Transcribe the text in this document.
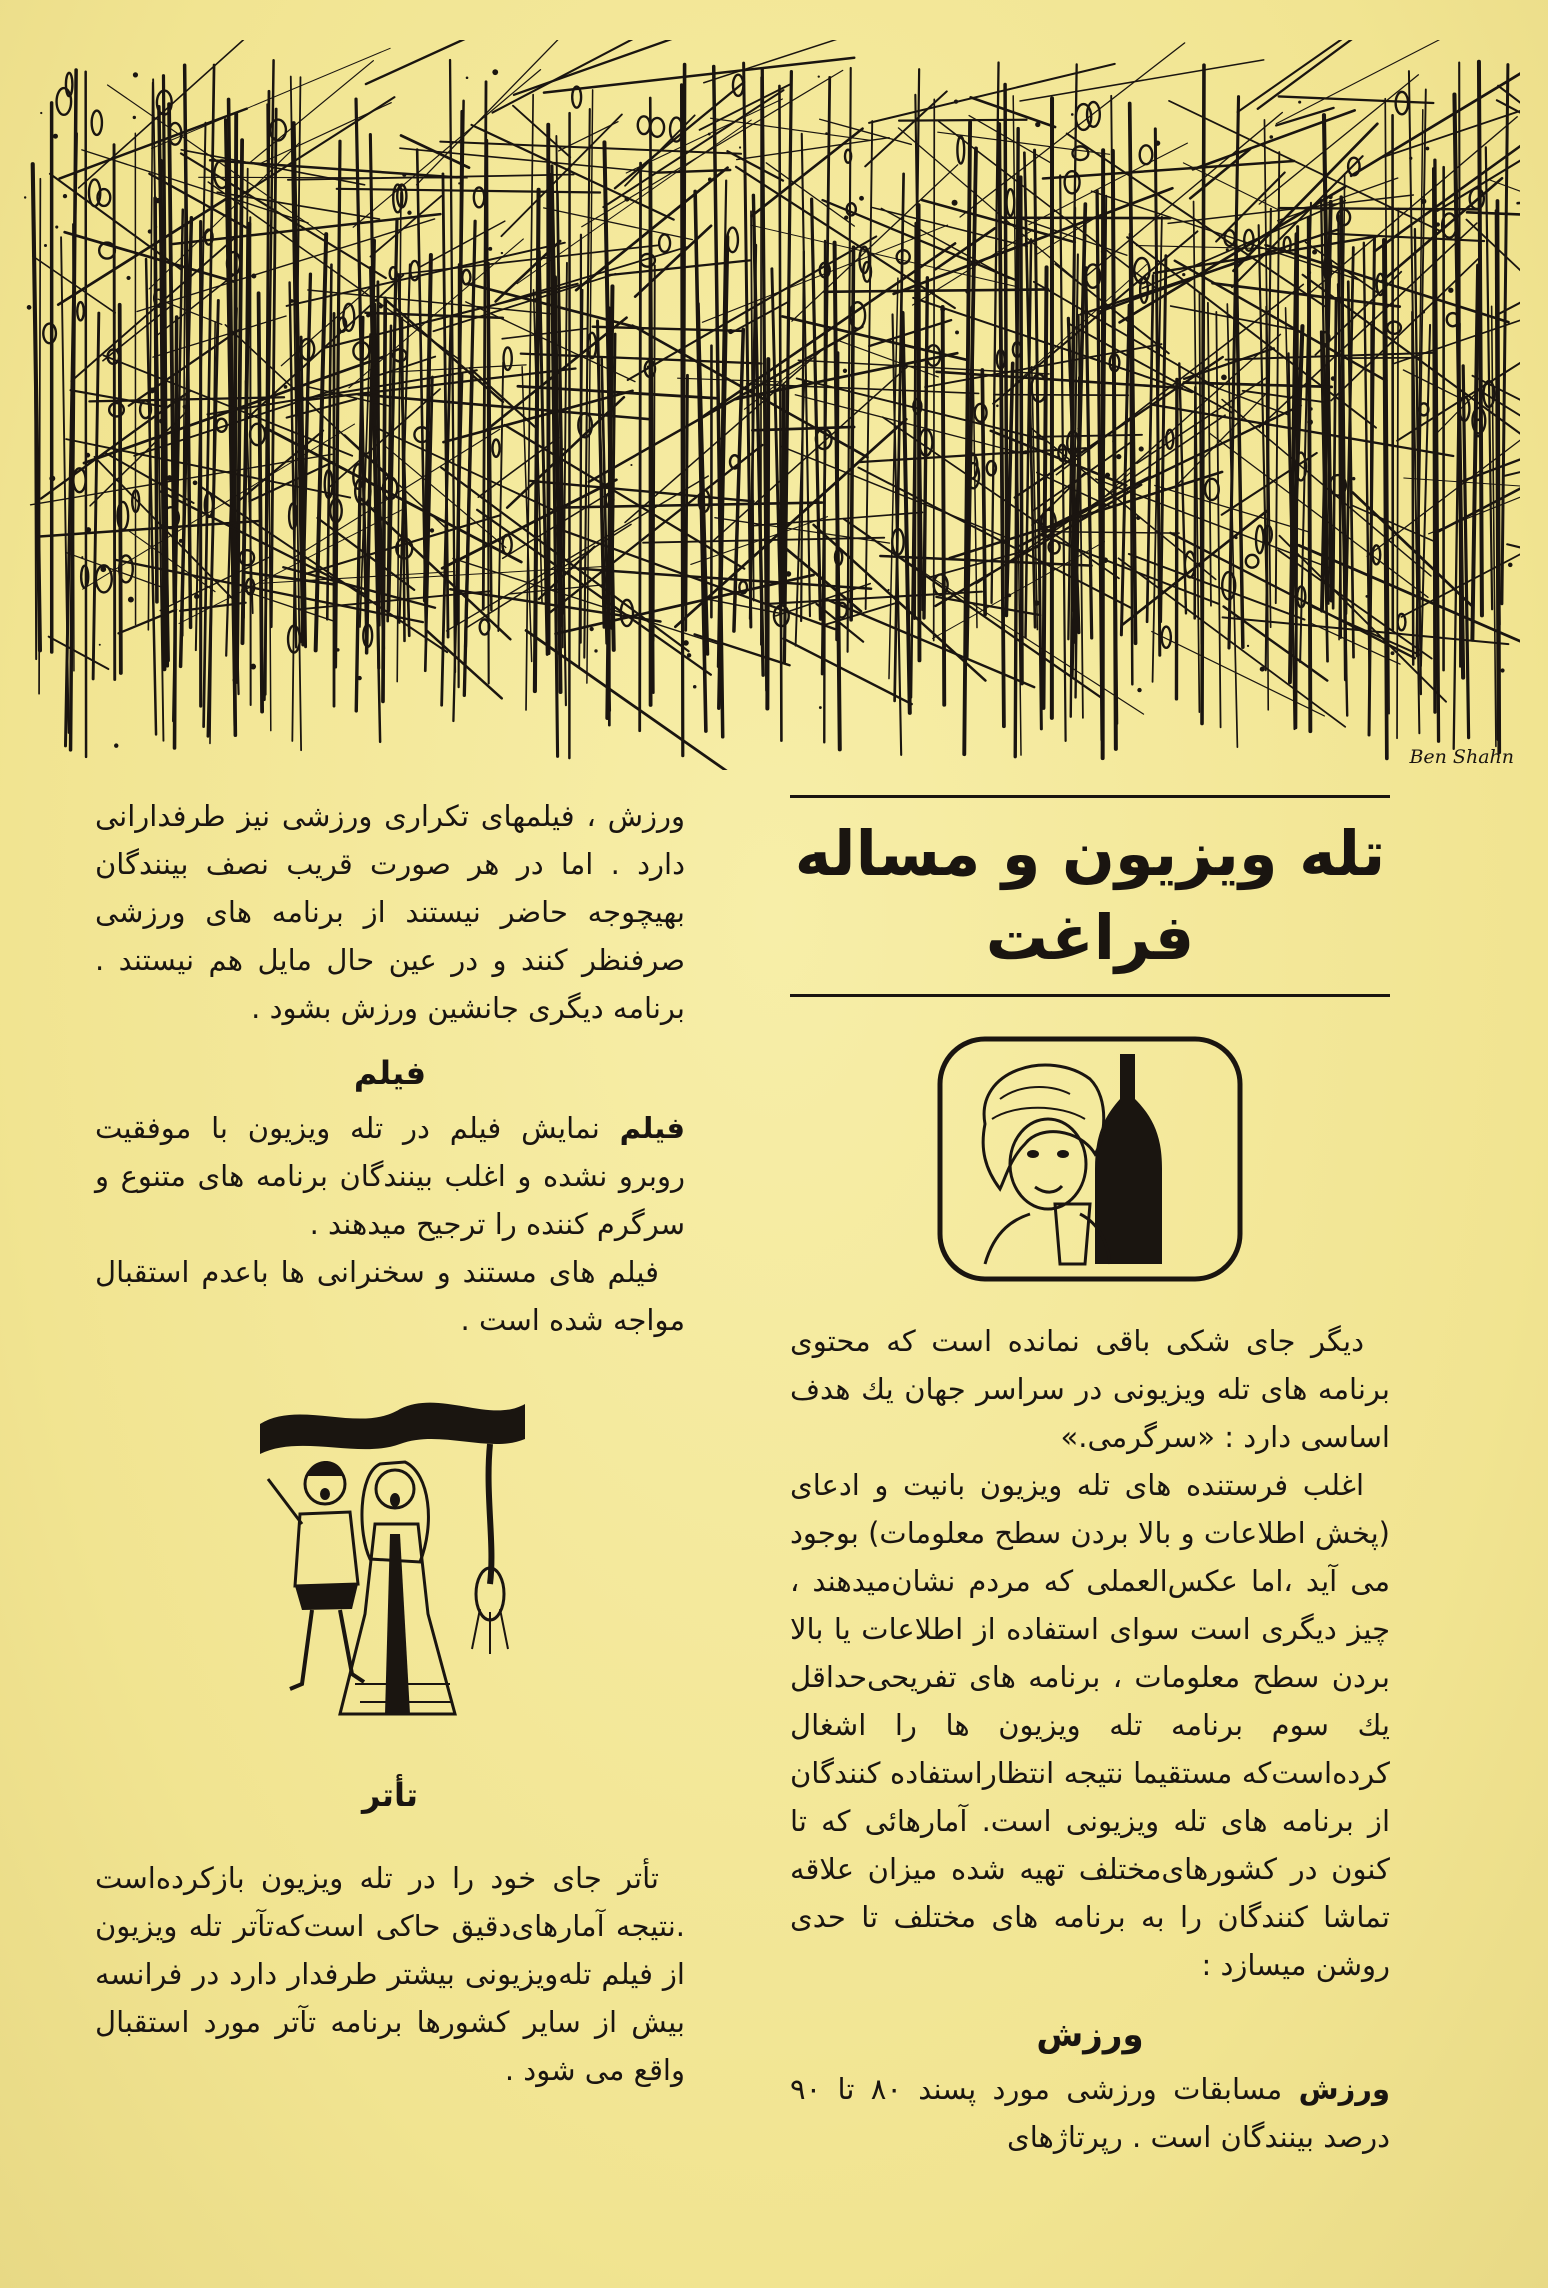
Ben Shahn

ورزش ، فیلمهای تکراری ورزشی نیز طرفدارانی دارد . اما در هر صورت قریب نصف بینندگان بهیچوجه حاضر نیستند از برنامه های ورزشی صرفنظر کنند و در عین حال مایل هم نیستند . برنامه دیگری جانشین ورزش بشود .

فیلم

فیلم نمایش فیلم در تله ویزیون با موفقیت روبرو نشده و اغلب بینندگان برنامه های متنوع و سرگرم کننده را ترجیح میدهند .

فیلم های مستند و سخنرانی ها باعدم استقبال مواجه شده است .

تأتر

تأتر جای خود را در تله ویزیون بازکرده‌است .نتیجه آمارهای‌دقیق حاکی است‌که‌تآتر تله ویزیون از فیلم تله‌ویزیونی بیشتر طرفدار دارد در فرانسه بیش از سایر کشورها برنامه تآتر مورد استقبال واقع می شود .

تله ویزیون و مساله فراغت

دیگر جای شکی باقی نمانده است که محتوی برنامه های تله ویزیونی در سراسر جهان یك هدف اساسی دارد : «سرگرمی.»

اغلب فرستنده های تله ویزیون بانیت و ادعای (پخش اطلاعات و بالا بردن سطح معلومات) بوجود می آید ،اما عکس‌العملی که مردم نشان‌میدهند ، چیز دیگری است سوای استفاده از اطلاعات یا بالا بردن سطح معلومات ، برنامه های تفریحی‌حداقل یك سوم برنامه تله ویزیون ها را اشغال کرده‌است‌که مستقیما نتیجه انتظاراستفاده کنندگان از برنامه های تله ویزیونی است. آمارهائی که تا کنون در کشورهای‌مختلف تهیه شده میزان علاقه تماشا کنندگان را به برنامه های مختلف تا حدی روشن میسازد :

ورزش

ورزش مسابقات ورزشی مورد پسند ۸۰ تا ۹۰ درصد بینندگان است . رپرتاژهای
